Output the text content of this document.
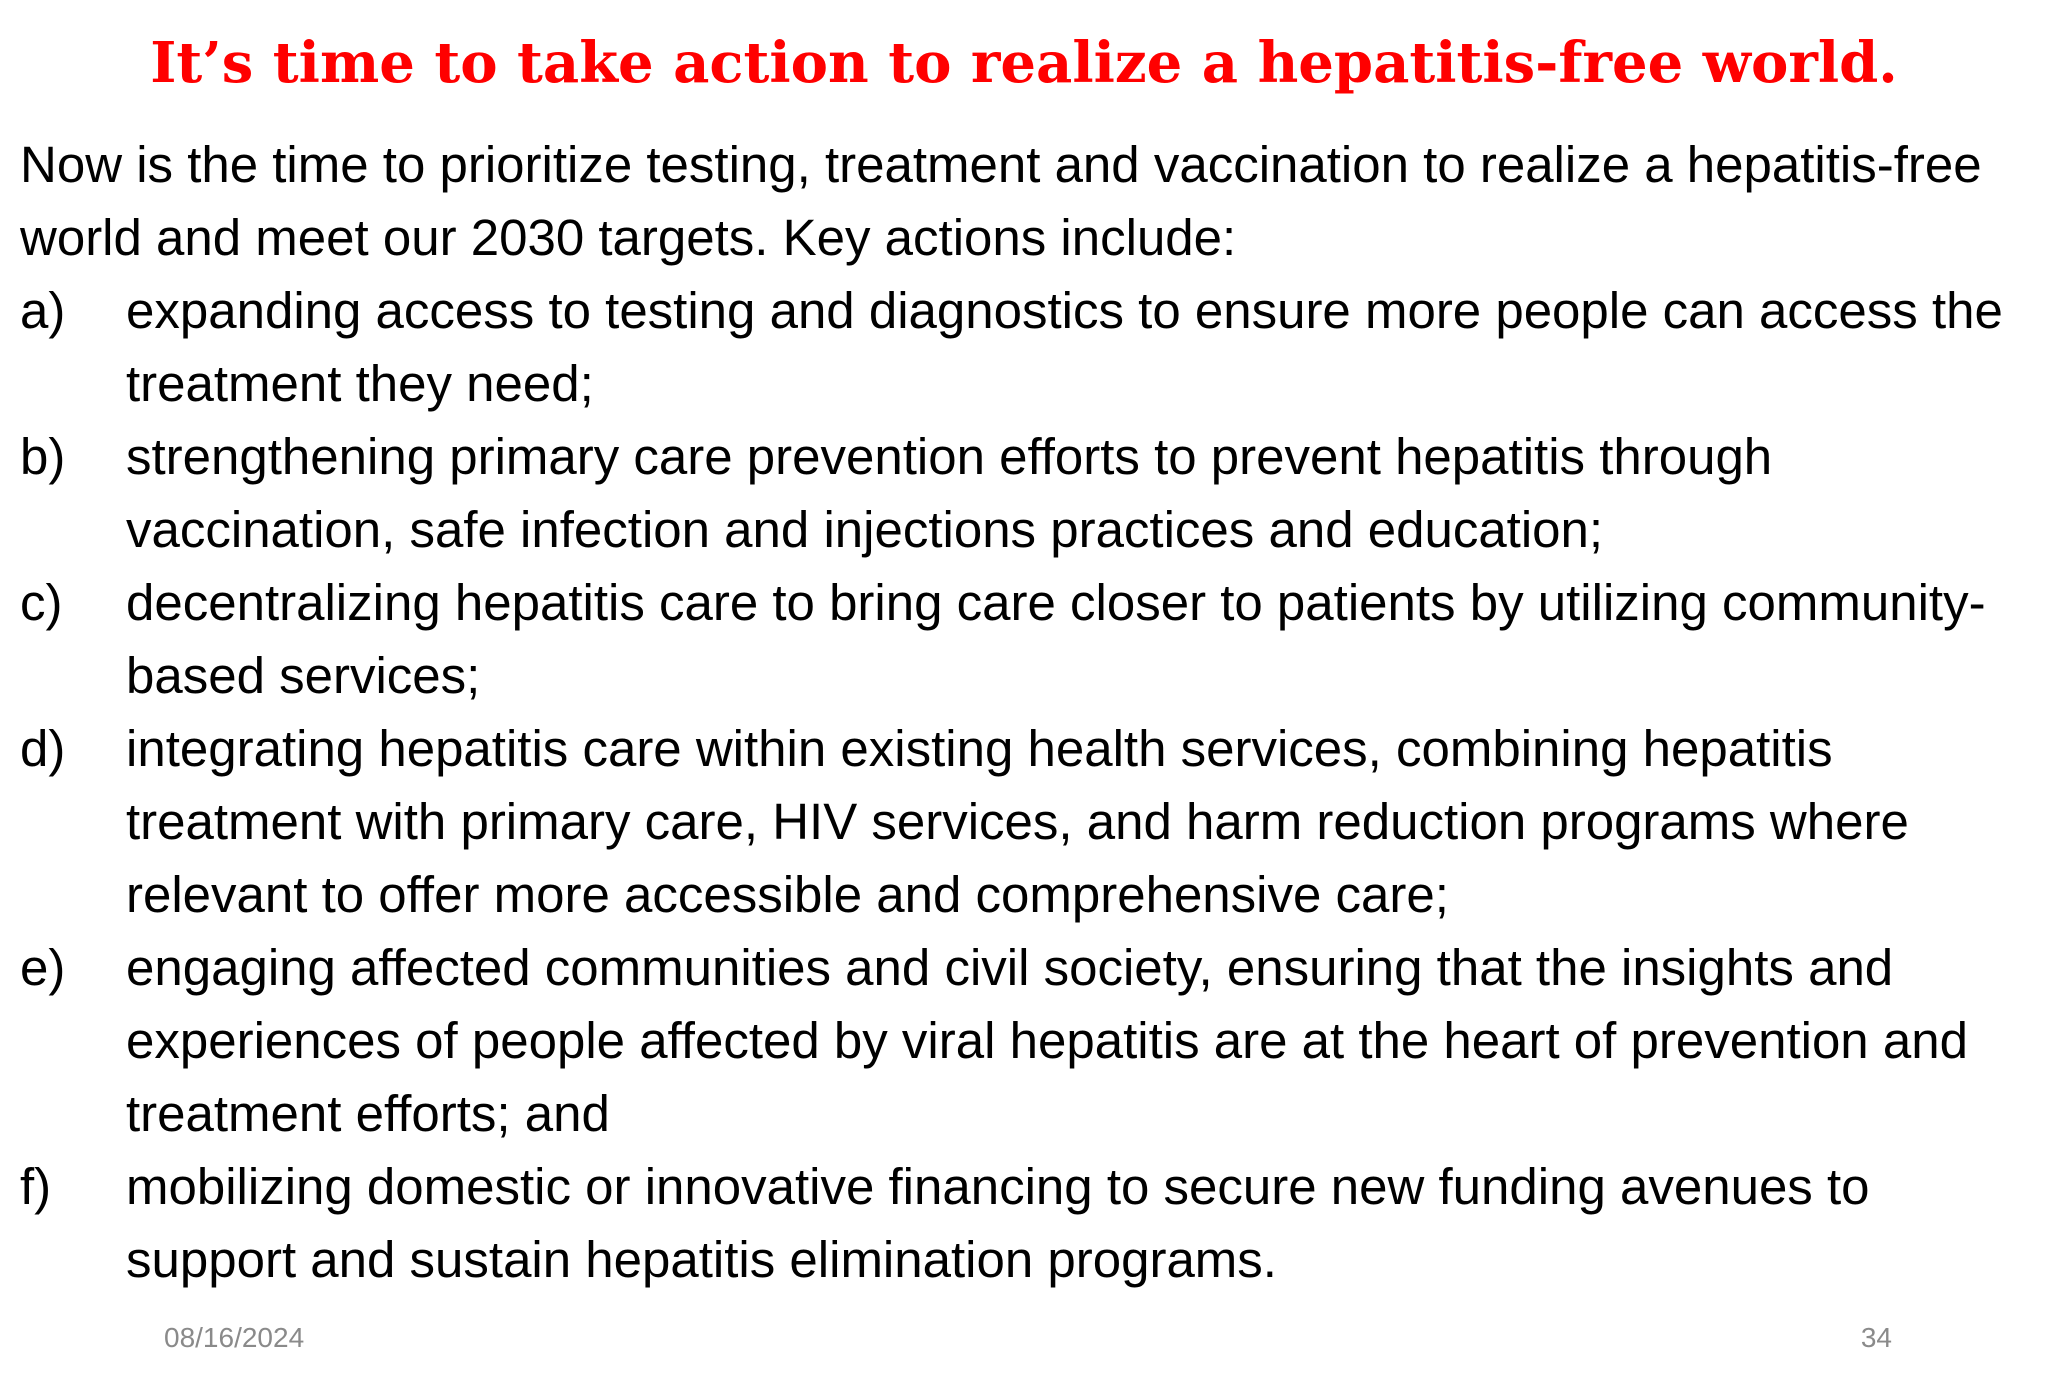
It’s time to take action to realize a hepatitis-free world.

Now is the time to prioritize testing, treatment and vaccination to realize a hepatitis-free world and meet our 2030 targets. Key actions include:

a)	expanding access to testing and diagnostics to ensure more people can access the treatment they need;
b)	strengthening primary care prevention efforts to prevent hepatitis through vaccination, safe infection and injections practices and education;
c)	decentralizing hepatitis care to bring care closer to patients by utilizing community-based services;
d)	integrating hepatitis care within existing health services, combining hepatitis treatment with primary care, HIV services, and harm reduction programs where relevant to offer more accessible and comprehensive care;
e)	engaging affected communities and civil society, ensuring that the insights and experiences of people affected by viral hepatitis are at the heart of prevention and treatment efforts; and
f)	mobilizing domestic or innovative financing to secure new funding avenues to support and sustain hepatitis elimination programs.
08/16/2024	34
